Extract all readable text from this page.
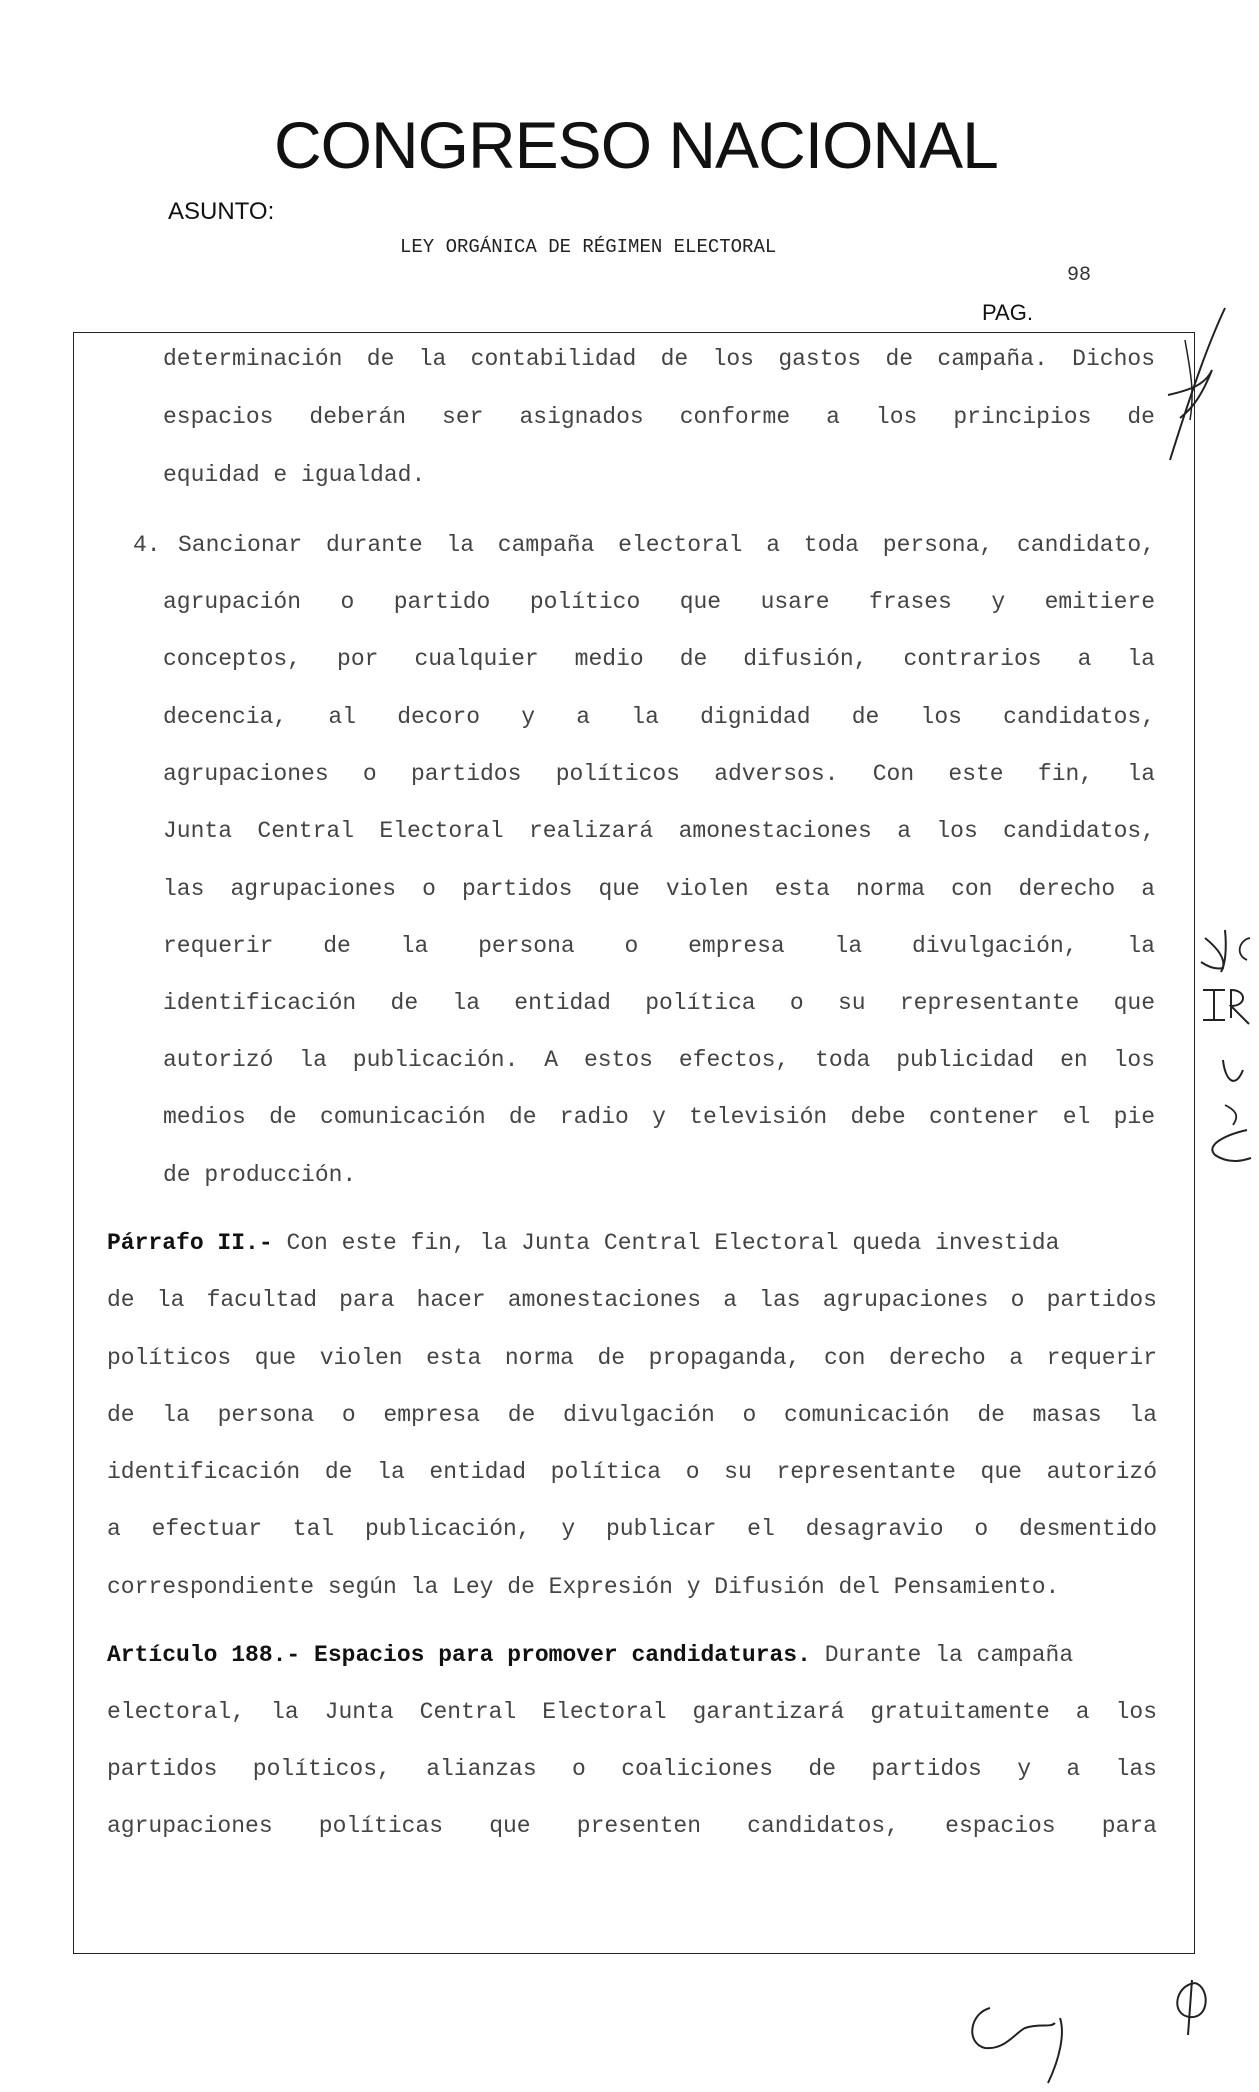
CONGRESO NACIONAL
ASUNTO:
LEY ORGÁNICA DE RÉGIMEN ELECTORAL
98
PAG.

determinación de la contabilidad de los gastos de campaña. Dichos

espacios deberán ser asignados conforme a los principios de

equidad e igualdad.

4. Sancionar durante la campaña electoral a toda persona, candidato,

agrupación o partido político que usare frases y emitiere

conceptos, por cualquier medio de difusión, contrarios a la

decencia, al decoro y a la dignidad de los candidatos,

agrupaciones o partidos políticos adversos. Con este fin, la

Junta Central Electoral realizará amonestaciones a los candidatos,

las agrupaciones o partidos que violen esta norma con derecho a

requerir de la persona o empresa la divulgación, la

identificación de la entidad política o su representante que

autorizó la publicación. A estos efectos, toda publicidad en los

medios de comunicación de radio y televisión debe contener el pie

de producción.

Párrafo II.- Con este fin, la Junta Central Electoral queda investida

de la facultad para hacer amonestaciones a las agrupaciones o partidos

políticos que violen esta norma de propaganda, con derecho a requerir

de la persona o empresa de divulgación o comunicación de masas la

identificación de la entidad política o su representante que autorizó

a efectuar tal publicación, y publicar el desagravio o desmentido

correspondiente según la Ley de Expresión y Difusión del Pensamiento.

Artículo 188.- Espacios para promover candidaturas. Durante la campaña

electoral, la Junta Central Electoral garantizará gratuitamente a los

partidos políticos, alianzas o coaliciones de partidos y a las

agrupaciones políticas que presenten candidatos, espacios para
